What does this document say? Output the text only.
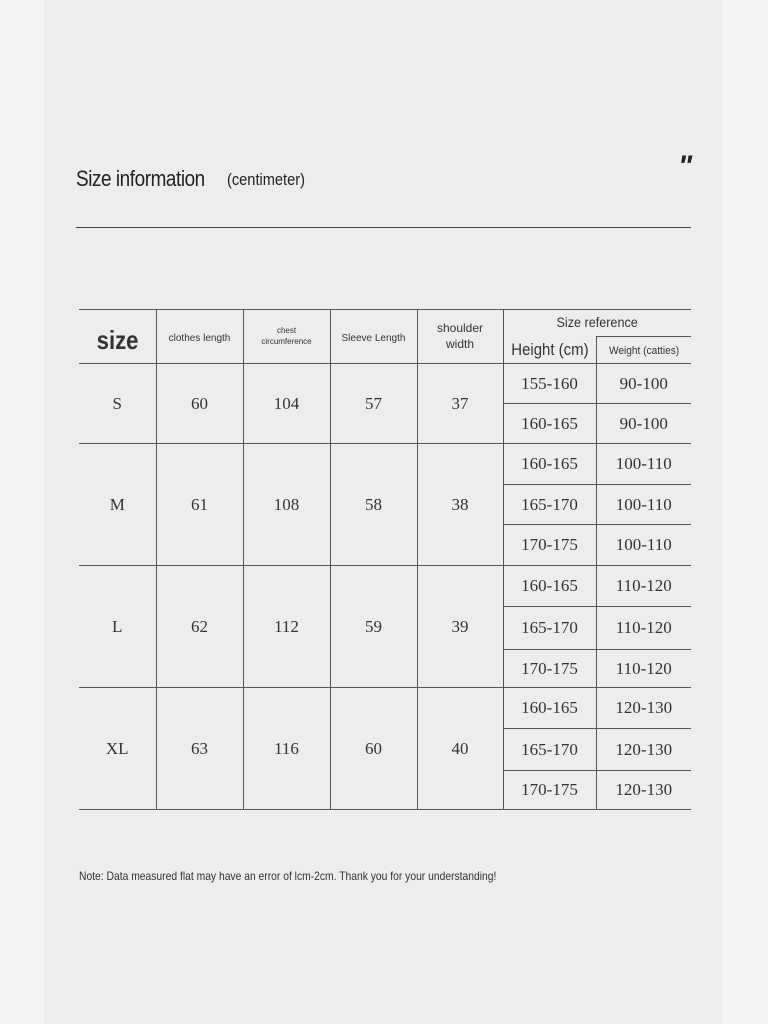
Size information (centimeter)	"
size	clothes length	chest circumference	Sleeve Length	shoulder width	Size reference	
					Height (cm)	Weight (catties)
S	60	104	57	37	155-160	90-100
					160-165	90-100
M	61	108	58	38	160-165	100-110
					165-170	100-110
					170-175	100-110
L	62	112	59	39	160-165	110-120
					165-170	110-120
					170-175	110-120
XL	63	116	60	40	160-165	120-130
					165-170	120-130
					170-175	120-130
Note: Data measured flat may have an error of lcm-2cm. Thank you for your understanding!
